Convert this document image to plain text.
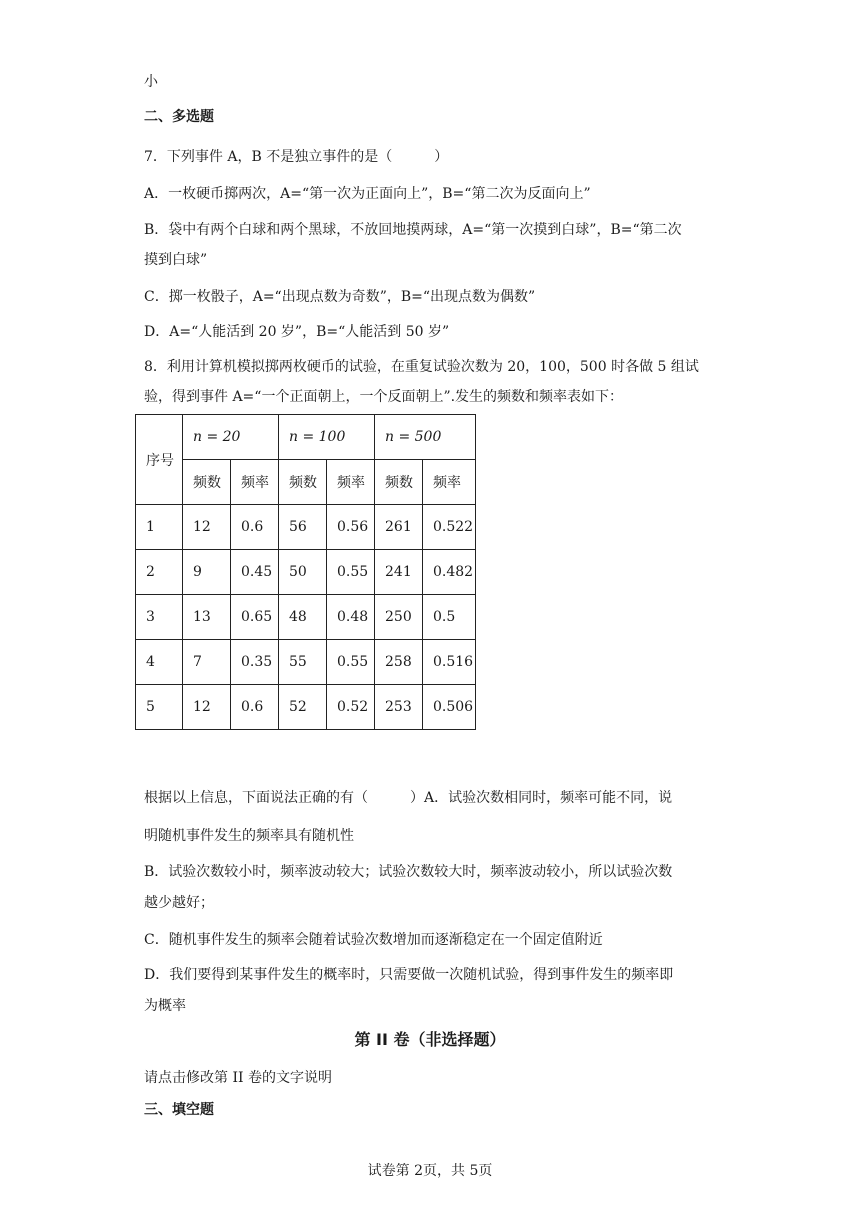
小
二、多选题
7．下列事件 A，B 不是独立事件的是（　　　）
A．一枚硬币掷两次，A=“第一次为正面向上”，B=“第二次为反面向上”
B．袋中有两个白球和两个黑球，不放回地摸两球，A=“第一次摸到白球”，B=“第二次
摸到白球”
C．掷一枚骰子，A=“出现点数为奇数”，B=“出现点数为偶数”
D．A=“人能活到 20 岁”，B=“人能活到 50 岁”
8．利用计算机模拟掷两枚硬币的试验，在重复试验次数为 20，100，500 时各做 5 组试
验，得到事件 A=“一个正面朝上，一个反面朝上”.发生的频数和频率表如下：
序号	n = 20		n = 100		n = 500	
	频数	频率	频数	频率	频数	频率
1	12	0.6	56	0.56	261	0.522
2	9	0.45	50	0.55	241	0.482
3	13	0.65	48	0.48	250	0.5
4	7	0.35	55	0.55	258	0.516
5	12	0.6	52	0.52	253	0.506
根据以上信息，下面说法正确的有（　　　）A．试验次数相同时，频率可能不同，说
明随机事件发生的频率具有随机性
B．试验次数较小时，频率波动较大；试验次数较大时，频率波动较小，所以试验次数
越少越好；
C．随机事件发生的频率会随着试验次数增加而逐渐稳定在一个固定值附近
D．我们要得到某事件发生的概率时，只需要做一次随机试验，得到事件发生的频率即
为概率
第 II 卷（非选择题）
请点击修改第 II 卷的文字说明
三、填空题
试卷第 2页，共 5页
